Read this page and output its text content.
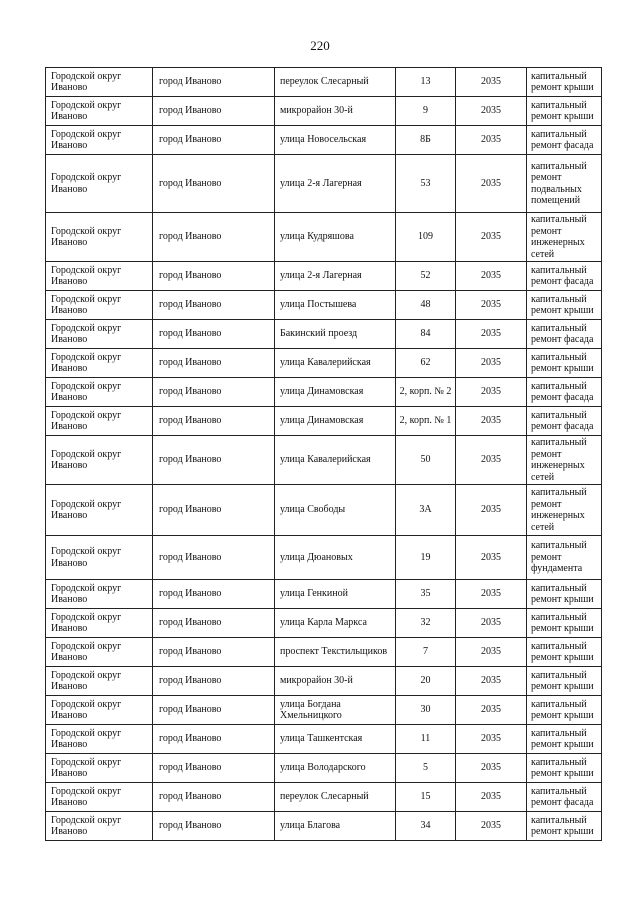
220
Городской округ Иваново	город Иваново	переулок Слесарный	13	2035	капитальный ремонт крыши
Городской округ Иваново	город Иваново	микрорайон 30-й	9	2035	капитальный ремонт крыши
Городской округ Иваново	город Иваново	улица Новосельская	8Б	2035	капитальный ремонт фасада
Городской округ Иваново	город Иваново	улица 2-я Лагерная	53	2035	капитальный ремонт подвальных помещений
Городской округ Иваново	город Иваново	улица Кудряшова	109	2035	капитальный ремонт инженерных сетей
Городской округ Иваново	город Иваново	улица 2-я Лагерная	52	2035	капитальный ремонт фасада
Городской округ Иваново	город Иваново	улица Постышева	48	2035	капитальный ремонт крыши
Городской округ Иваново	город Иваново	Бакинский проезд	84	2035	капитальный ремонт фасада
Городской округ Иваново	город Иваново	улица Кавалерийская	62	2035	капитальный ремонт крыши
Городской округ Иваново	город Иваново	улица Динамовская	2, корп. № 2	2035	капитальный ремонт фасада
Городской округ Иваново	город Иваново	улица Динамовская	2, корп. № 1	2035	капитальный ремонт фасада
Городской округ Иваново	город Иваново	улица Кавалерийская	50	2035	капитальный ремонт инженерных сетей
Городской округ Иваново	город Иваново	улица Свободы	3А	2035	капитальный ремонт инженерных сетей
Городской округ Иваново	город Иваново	улица Дюановых	19	2035	капитальный ремонт фундамента
Городской округ Иваново	город Иваново	улица Генкиной	35	2035	капитальный ремонт крыши
Городской округ Иваново	город Иваново	улица Карла Маркса	32	2035	капитальный ремонт крыши
Городской округ Иваново	город Иваново	проспект Текстильщиков	7	2035	капитальный ремонт крыши
Городской округ Иваново	город Иваново	микрорайон 30-й	20	2035	капитальный ремонт крыши
Городской округ Иваново	город Иваново	улица Богдана Хмельницкого	30	2035	капитальный ремонт крыши
Городской округ Иваново	город Иваново	улица Ташкентская	11	2035	капитальный ремонт крыши
Городской округ Иваново	город Иваново	улица Володарского	5	2035	капитальный ремонт крыши
Городской округ Иваново	город Иваново	переулок Слесарный	15	2035	капитальный ремонт фасада
Городской округ Иваново	город Иваново	улица Благова	34	2035	капитальный ремонт крыши
